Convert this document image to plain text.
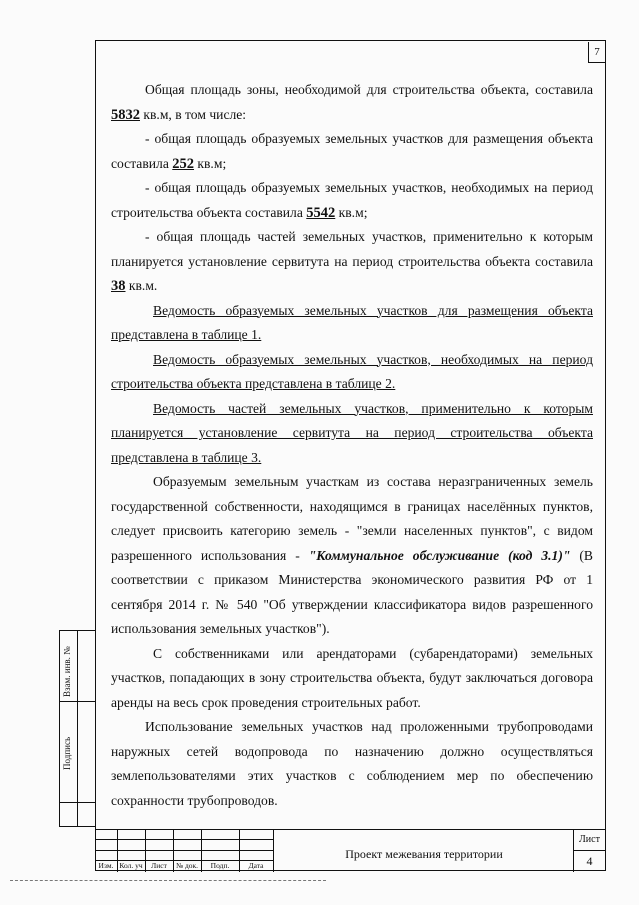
7

Общая площадь зоны, необходимой для строительства объекта, составила 5832 кв.м, в том числе:

- общая площадь образуемых земельных участков для размещения объекта составила 252 кв.м;

- общая площадь образуемых земельных участков, необходимых на период строительства объекта составила 5542 кв.м;

- общая площадь частей земельных участков, применительно к которым планируется установление сервитута на период строительства объекта составила 38 кв.м.

Ведомость образуемых земельных участков для размещения объекта представлена в таблице 1.

Ведомость образуемых земельных участков, необходимых на период строительства объекта представлена в таблице 2.

Ведомость частей земельных участков, применительно к которым планируется установление сервитута на период строительства объекта представлена в таблице 3.

Образуемым земельным участкам из состава неразграниченных земель государственной собственности, находящимся в границах населённых пунктов, следует присвоить категорию земель - "земли населенных пунктов", с видом разрешенного использования - "Коммунальное обслуживание (код 3.1)" (В соответствии с приказом Министерства экономического развития РФ от 1 сентября 2014 г. № 540 "Об утверждении классификатора видов разрешенного использования земельных участков").

С собственниками или арендаторами (субарендаторами) земельных участков, попадающих в зону строительства объекта, будут заключаться договора аренды на весь срок проведения строительных работ.

Использование земельных участков над проложенными трубопроводами наружных сетей водопровода по назначению должно осуществляться землепользователями этих участков с соблюдением мер по обеспечению сохранности трубопроводов.

Взам. инв. №
Подпись
Изм. Кол. уч	Лист	№ док.	Подп.	Дата
Проект межевания территории
Лист
4
